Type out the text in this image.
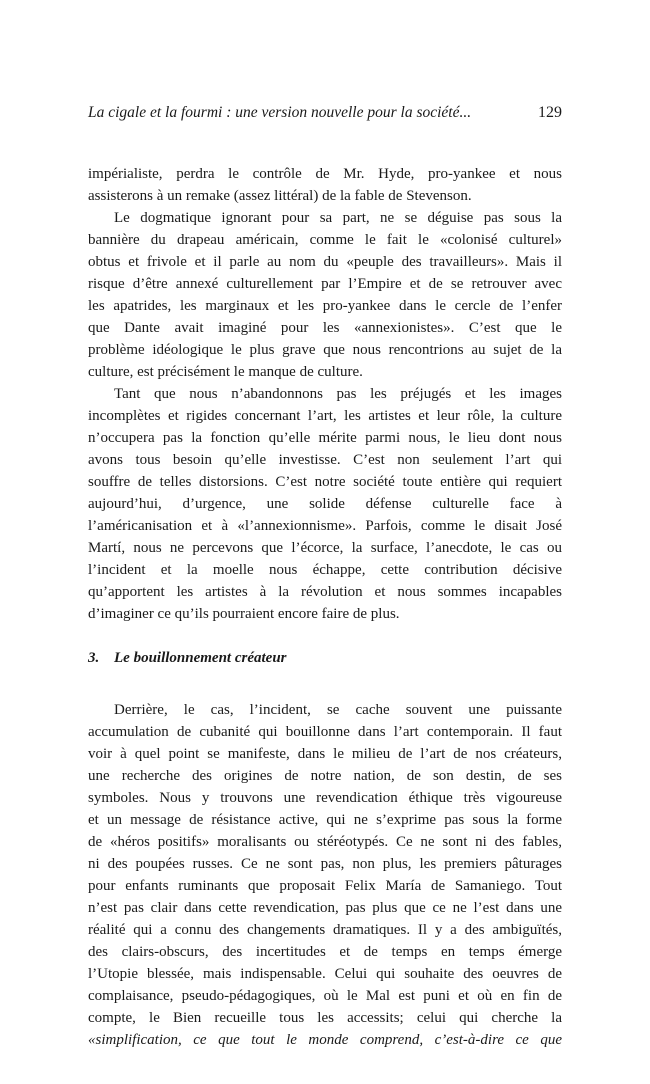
La cigale et la fourmi : une version nouvelle pour la société...	129
impérialiste, perdra le contrôle de Mr. Hyde, pro-yankee et nous
assisterons à un remake (assez littéral) de la fable de Stevenson.
Le dogmatique ignorant pour sa part, ne se déguise pas sous la
bannière du drapeau américain, comme le fait le «colonisé culturel»
obtus et frivole et il parle au nom du «peuple des travailleurs». Mais il
risque d’être annexé culturellement par l’Empire et de se retrouver avec
les apatrides, les marginaux et les pro-yankee dans le cercle de l’enfer
que Dante avait imaginé pour les «annexionistes». C’est que le
problème idéologique le plus grave que nous rencontrions au sujet de la
culture, est précisément le manque de culture.
Tant que nous n’abandonnons pas les préjugés et les images
incomplètes et rigides concernant l’art, les artistes et leur rôle, la culture
n’occupera pas la fonction qu’elle mérite parmi nous, le lieu dont nous
avons tous besoin qu’elle investisse. C’est non seulement l’art qui
souffre de telles distorsions. C’est notre société toute entière qui requiert
aujourd’hui, d’urgence, une solide défense culturelle face à
l’américanisation et à «l’annexionnisme». Parfois, comme le disait José
Martí, nous ne percevons que l’écorce, la surface, l’anecdote, le cas ou
l’incident et la moelle nous échappe, cette contribution décisive
qu’apportent les artistes à la révolution et nous sommes incapables
d’imaginer ce qu’ils pourraient encore faire de plus.
3. Le bouillonnement créateur
Derrière, le cas, l’incident, se cache souvent une puissante
accumulation de cubanité qui bouillonne dans l’art contemporain. Il faut
voir à quel point se manifeste, dans le milieu de l’art de nos créateurs,
une recherche des origines de notre nation, de son destin, de ses
symboles. Nous y trouvons une revendication éthique très vigoureuse
et un message de résistance active, qui ne s’exprime pas sous la forme
de «héros positifs» moralisants ou stéréotypés. Ce ne sont ni des fables,
ni des poupées russes. Ce ne sont pas, non plus, les premiers pâturages
pour enfants ruminants que proposait Felix María de Samaniego. Tout
n’est pas clair dans cette revendication, pas plus que ce ne l’est dans une
réalité qui a connu des changements dramatiques. Il y a des ambiguïtés,
des clairs-obscurs, des incertitudes et de temps en temps émerge
l’Utopie blessée, mais indispensable. Celui qui souhaite des oeuvres de
complaisance, pseudo-pédagogiques, où le Mal est puni et où en fin de
compte, le Bien recueille tous les accessits; celui qui cherche la
«simplification, ce que tout le monde comprend, c’est-à-dire ce que
